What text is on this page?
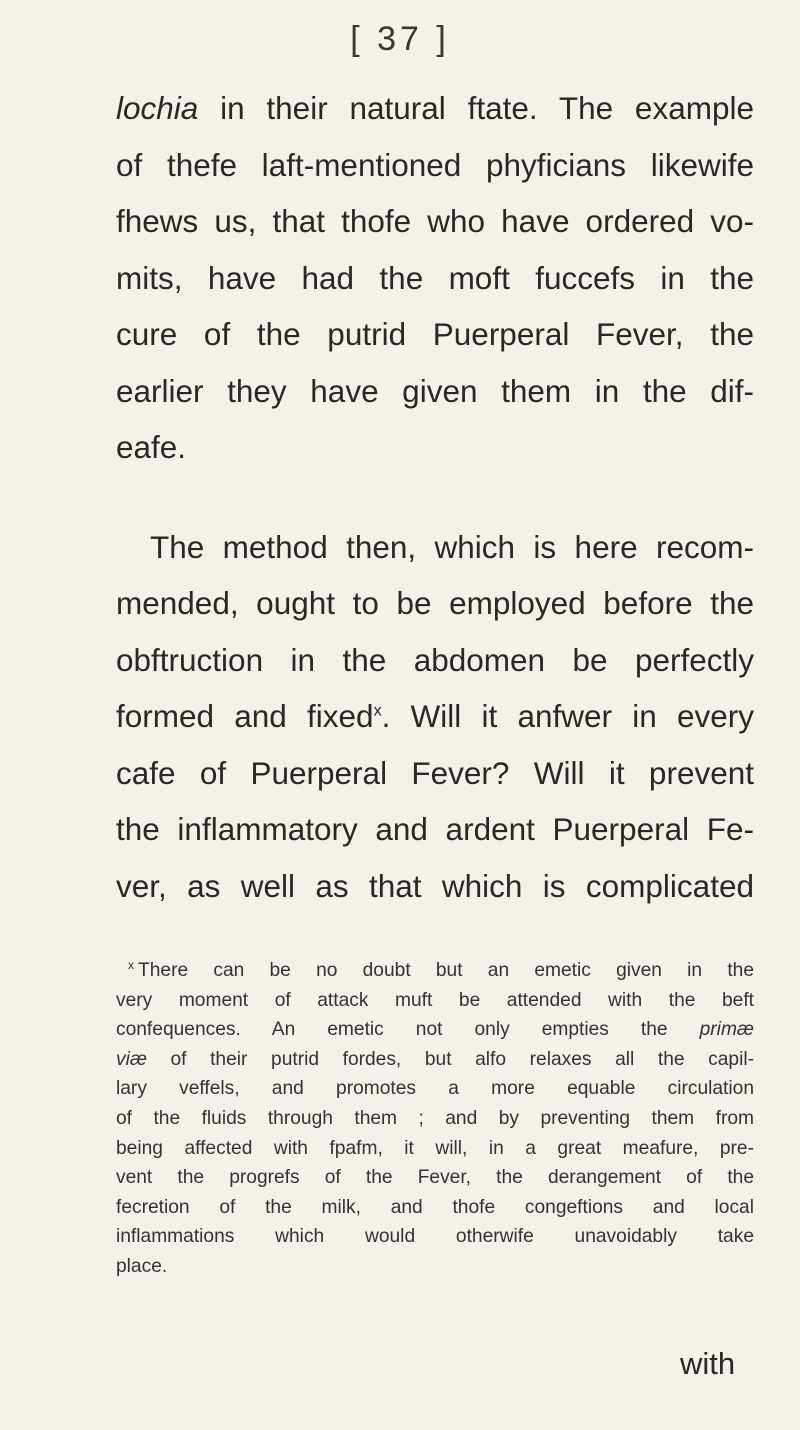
[ 37 ]
lochia in their natural ftate. The example
of thefe laft-mentioned phyficians likewife
fhews us, that thofe who have ordered vo-
mits, have had the moft fuccefs in the
cure of the putrid Puerperal Fever, the
earlier they have given them in the dif-
eafe.
The method then, which is here recom-
mended, ought to be employed before the
obftruction in the abdomen be perfectly
formed and fixed$^x$. Will it anfwer in every
cafe of Puerperal Fever? Will it prevent
the inflammatory and ardent Puerperal Fe-
ver, as well as that which is complicated
$^x$ There can be no doubt but an emetic given in the
very moment of attack muft be attended with the beft
confequences. An emetic not only empties the primæ
viæ of their putrid fordes, but alfo relaxes all the capil-
lary veffels, and promotes a more equable circulation
of the fluids through them ; and by preventing them from
being affected with fpafm, it will, in a great meafure, pre-
vent the progrefs of the Fever, the derangement of the
fecretion of the milk, and thofe congeftions and local
inflammations which would otherwife unavoidably take
place.
with
